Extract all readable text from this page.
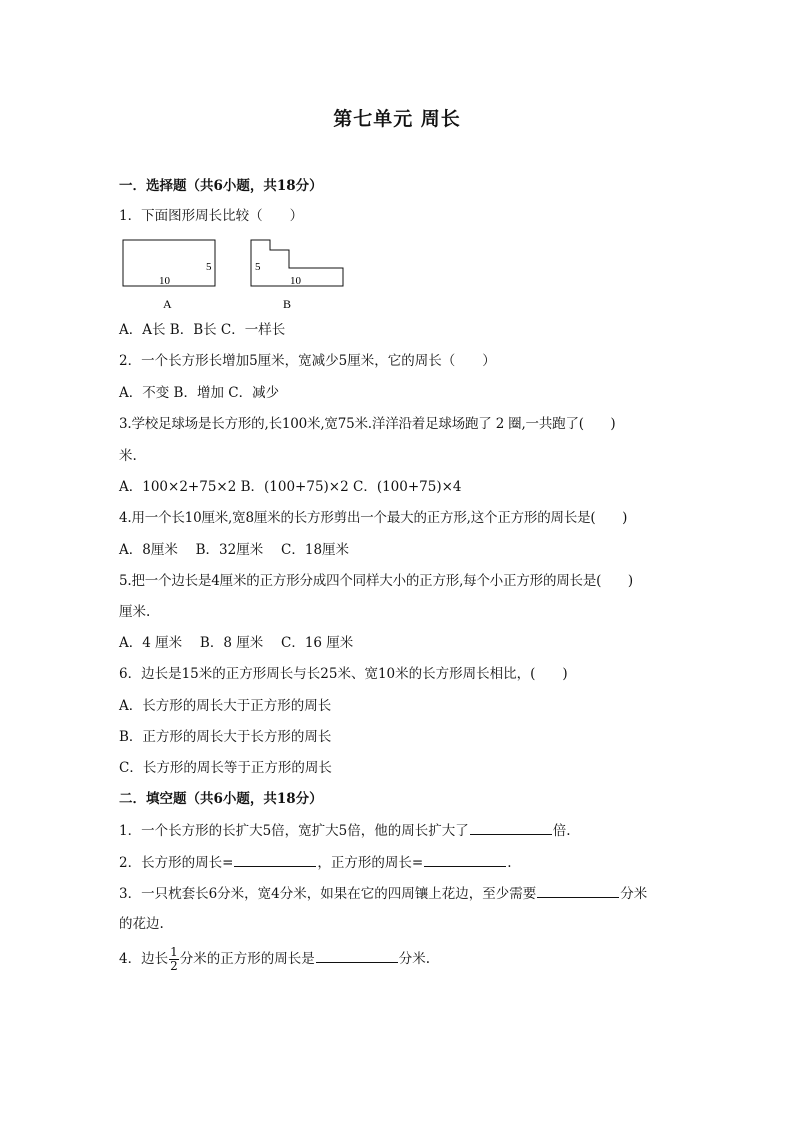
第七单元 周长
一．选择题（共6小题，共18分）
1．下面图形周长比较（　　）
10
5
A
5
10
B
A．A长 B．B长 C．一样长
2．一个长方形长增加5厘米，宽减少5厘米，它的周长（　　）
A．不变 B．增加 C．减少
3.学校足球场是长方形的,长100米,宽75米.洋洋沿着足球场跑了 2 圈,一共跑了(　　)
米.
A．100×2+75×2 B．(100+75)×2 C．(100+75)×4
4.用一个长10厘米,宽8厘米的长方形剪出一个最大的正方形,这个正方形的周长是(　　)
A．8厘米　 B．32厘米　 C．18厘米
5.把一个边长是4厘米的正方形分成四个同样大小的正方形,每个小正方形的周长是(　　)
厘米.
A．4 厘米　 B．8 厘米　 C．16 厘米
6．边长是15米的正方形周长与长25米、宽10米的长方形周长相比，(　　)
A．长方形的周长大于正方形的周长
B．正方形的周长大于长方形的周长
C．长方形的周长等于正方形的周长
二．填空题（共6小题，共18分）
1．一个长方形的长扩大5倍，宽扩大5倍，他的周长扩大了	倍.
2．长方形的周长=	，正方形的周长=	.
3．一只枕套长6分米，宽4分米，如果在它的四周镶上花边，至少需要	分米
的花边.
4．边长 $\frac{1}{2}$ 分米的正方形的周长是	分米.
